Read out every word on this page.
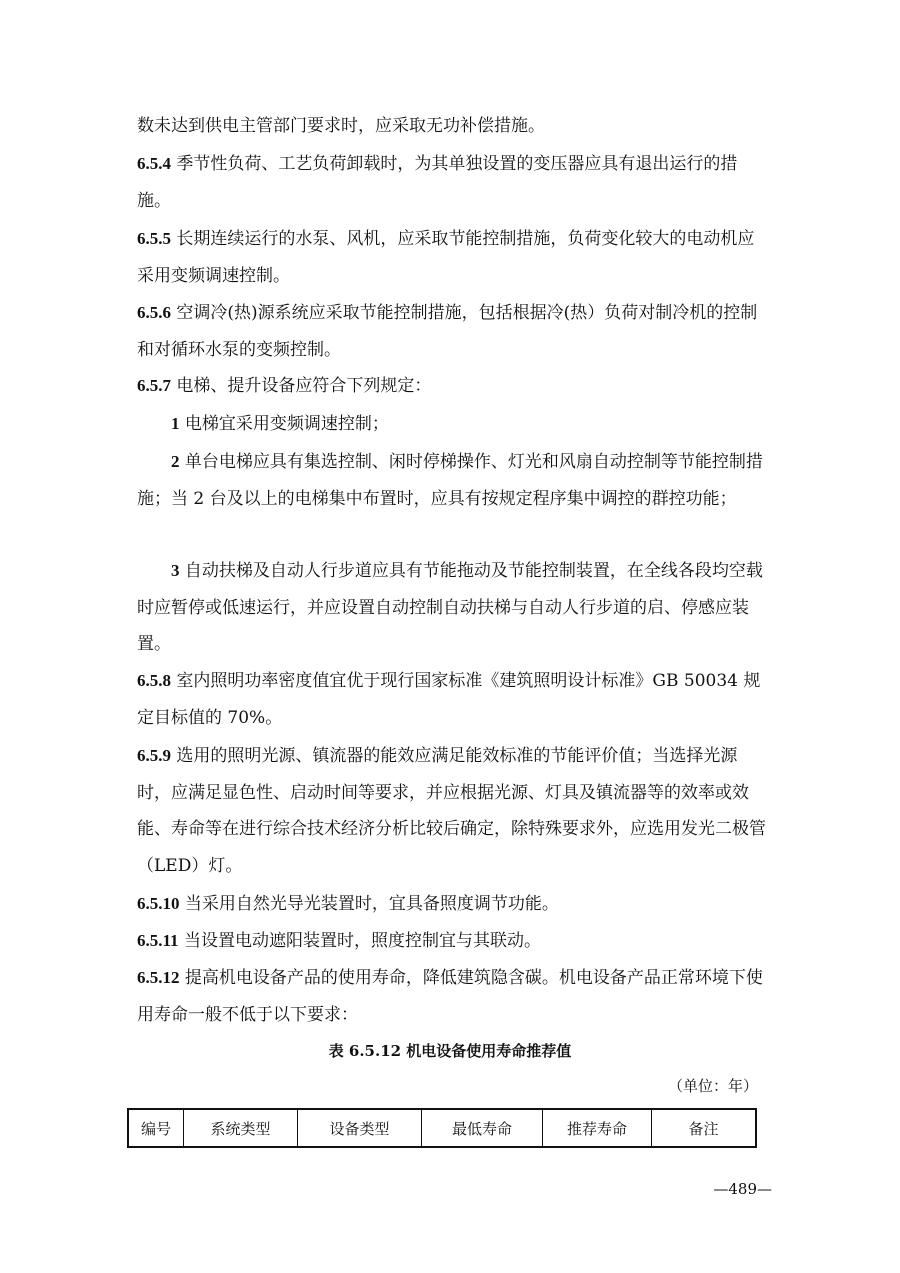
数未达到供电主管部门要求时，应采取无功补偿措施。

6.5.4 季节性负荷、工艺负荷卸载时，为其单独设置的变压器应具有退出运行的措施。

6.5.5 长期连续运行的水泵、风机，应采取节能控制措施，负荷变化较大的电动机应采用变频调速控制。

6.5.6 空调冷(热)源系统应采取节能控制措施，包括根据冷(热）负荷对制冷机的控制和对循环水泵的变频控制。

6.5.7 电梯、提升设备应符合下列规定：

1 电梯宜采用变频调速控制；

2 单台电梯应具有集选控制、闲时停梯操作、灯光和风扇自动控制等节能控制措施；当 2 台及以上的电梯集中布置时，应具有按规定程序集中调控的群控功能；

3 自动扶梯及自动人行步道应具有节能拖动及节能控制装置，在全线各段均空载时应暂停或低速运行，并应设置自动控制自动扶梯与自动人行步道的启、停感应装置。

6.5.8 室内照明功率密度值宜优于现行国家标准《建筑照明设计标准》GB 50034 规定目标值的 70%。

6.5.9 选用的照明光源、镇流器的能效应满足能效标准的节能评价值；当选择光源时，应满足显色性、启动时间等要求，并应根据光源、灯具及镇流器等的效率或效能、寿命等在进行综合技术经济分析比较后确定，除特殊要求外，应选用发光二极管（LED）灯。

6.5.10 当采用自然光导光装置时，宜具备照度调节功能。

6.5.11 当设置电动遮阳装置时，照度控制宜与其联动。

6.5.12 提高机电设备产品的使用寿命，降低建筑隐含碳。机电设备产品正常环境下使用寿命一般不低于以下要求：

表 6.5.12 机电设备使用寿命推荐值
（单位：年）
编号	系统类型	设备类型	最低寿命	推荐寿命	备注
—489—
